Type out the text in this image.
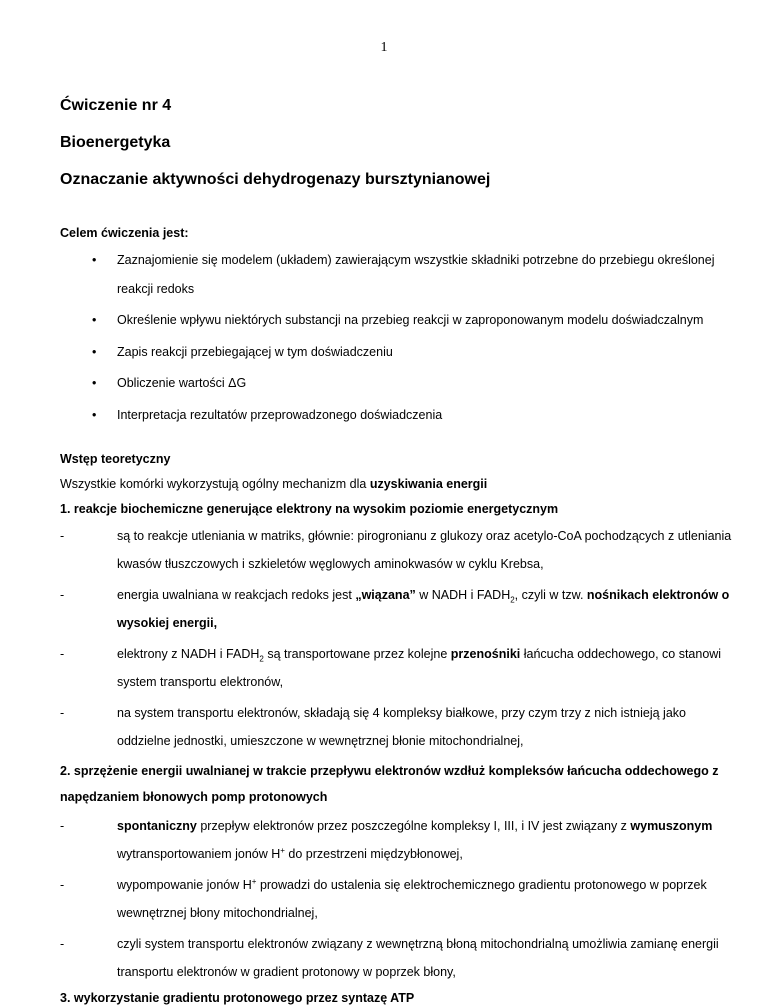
1
Ćwiczenie nr 4
Bioenergetyka
Oznaczanie aktywności dehydrogenazy bursztynianowej
Celem ćwiczenia jest:
• Zaznajomienie się modelem (układem) zawierającym wszystkie składniki potrzebne do przebiegu określonej reakcji redoks
• Określenie wpływu niektórych substancji na przebieg reakcji w zaproponowanym modelu doświadczalnym
• Zapis reakcji przebiegającej w tym doświadczeniu
• Obliczenie wartości ΔG
• Interpretacja rezultatów przeprowadzonego doświadczenia
Wstęp teoretyczny
Wszystkie komórki wykorzystują ogólny mechanizm dla uzyskiwania energii
1. reakcje biochemiczne generujące elektrony na wysokim poziomie energetycznym
-	są to reakcje utleniania w matriks, głównie: pirogronianu z glukozy oraz acetylo-CoA pochodzących z utleniania kwasów tłuszczowych i szkieletów węglowych aminokwasów w cyklu Krebsa,
-	energia uwalniana w reakcjach redoks jest „wiązana” w NADH i $FADH_2$, czyli w tzw. nośnikach elektronów o wysokiej energii,
-	elektrony z NADH i $FADH_2$ są transportowane przez kolejne przenośniki łańcucha oddechowego, co stanowi system transportu elektronów,
-	na system transportu elektronów, składają się 4 kompleksy białkowe, przy czym trzy z nich istnieją jako oddzielne jednostki, umieszczone w wewnętrznej błonie mitochondrialnej,
2. sprzężenie energii uwalnianej w trakcie przepływu elektronów wzdłuż kompleksów łańcucha oddechowego z napędzaniem błonowych pomp protonowych
-	spontaniczny przepływ elektronów przez poszczególne kompleksy I, III, i IV jest związany z wymuszonym wytransportowaniem jonów H+ do przestrzeni międzybłonowej,
-	wypompowanie jonów H+ prowadzi do ustalenia się elektrochemicznego gradientu protonowego w poprzek wewnętrznej błony mitochondrialnej,
-	czyli system transportu elektronów związany z wewnętrzną błoną mitochondrialną umożliwia zamianę energii transportu elektronów w gradient protonowy w poprzek błony,
3. wykorzystanie gradientu protonowego przez syntazę ATP
